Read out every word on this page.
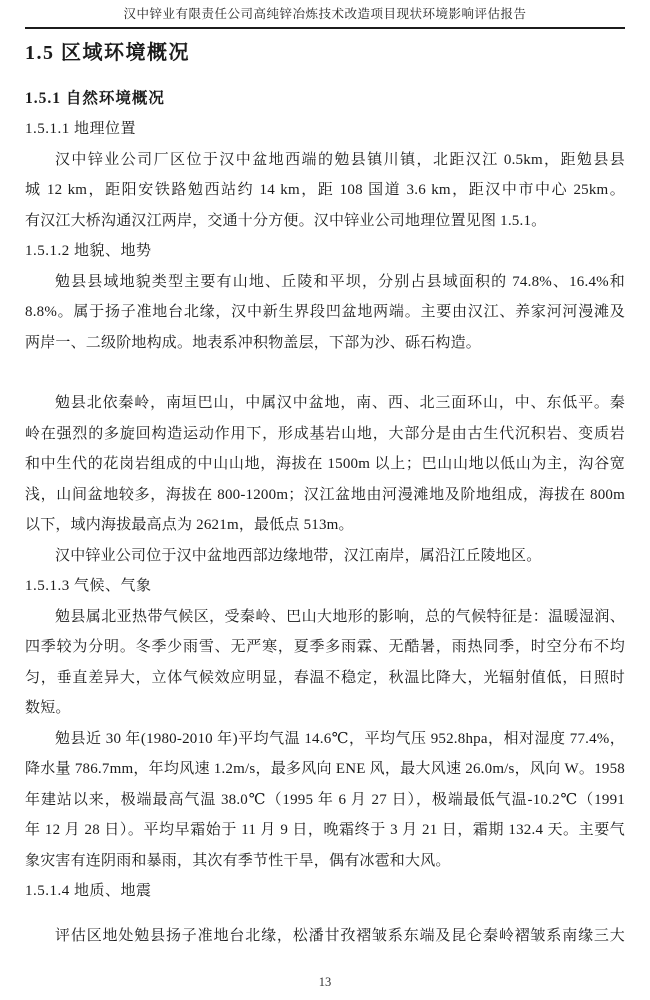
汉中锌业有限责任公司高纯锌冶炼技术改造项目现状环境影响评估报告
1.5 区域环境概况
1.5.1 自然环境概况
1.5.1.1 地理位置
汉中锌业公司厂区位于汉中盆地西端的勉县镇川镇，北距汉江 0.5km，距勉县县
城 12 km，距阳安铁路勉西站约 14 km，距 108 国道 3.6 km，距汉中市中心 25km。
有汉江大桥沟通汉江两岸，交通十分方便。汉中锌业公司地理位置见图 1.5.1。
1.5.1.2 地貌、地势
勉县县域地貌类型主要有山地、丘陵和平坝，分别占县域面积的 74.8%、16.4%和
8.8%。属于扬子准地台北缘，汉中新生界段凹盆地两端。主要由汉江、养家河河漫滩及
两岸一、二级阶地构成。地表系冲积物盖层，下部为沙、砾石构造。
勉县北依秦岭，南垣巴山，中属汉中盆地，南、西、北三面环山，中、东低平。秦
岭在强烈的多旋回构造运动作用下，形成基岩山地，大部分是由古生代沉积岩、变质岩
和中生代的花岗岩组成的中山山地，海拔在 1500m 以上；巴山山地以低山为主，沟谷宽
浅，山间盆地较多，海拔在 800-1200m；汉江盆地由河漫滩地及阶地组成，海拔在 800m
以下，域内海拔最高点为 2621m，最低点 513m。
汉中锌业公司位于汉中盆地西部边缘地带，汉江南岸，属沿江丘陵地区。
1.5.1.3 气候、气象
勉县属北亚热带气候区，受秦岭、巴山大地形的影响，总的气候特征是：温暖湿润、
四季较为分明。冬季少雨雪、无严寒，夏季多雨霖、无酷暑，雨热同季，时空分布不均
匀，垂直差异大，立体气候效应明显，春温不稳定，秋温比降大，光辐射值低，日照时
数短。
勉县近 30 年(1980-2010 年)平均气温 14.6℃，平均气压 952.8hpa，相对湿度 77.4%，
降水量 786.7mm，年均风速 1.2m/s，最多风向 ENE 风，最大风速 26.0m/s，风向 W。1958
年建站以来，极端最高气温 38.0℃（1995 年 6 月 27 日），极端最低气温-10.2℃（1991
年 12 月 28 日）。平均早霜始于 11 月 9 日，晚霜终于 3 月 21 日，霜期 132.4 天。主要气
象灾害有连阴雨和暴雨，其次有季节性干旱，偶有冰雹和大风。
1.5.1.4 地质、地震
评估区地处勉县扬子准地台北缘，松潘甘孜褶皱系东端及昆仑秦岭褶皱系南缘三大
13
